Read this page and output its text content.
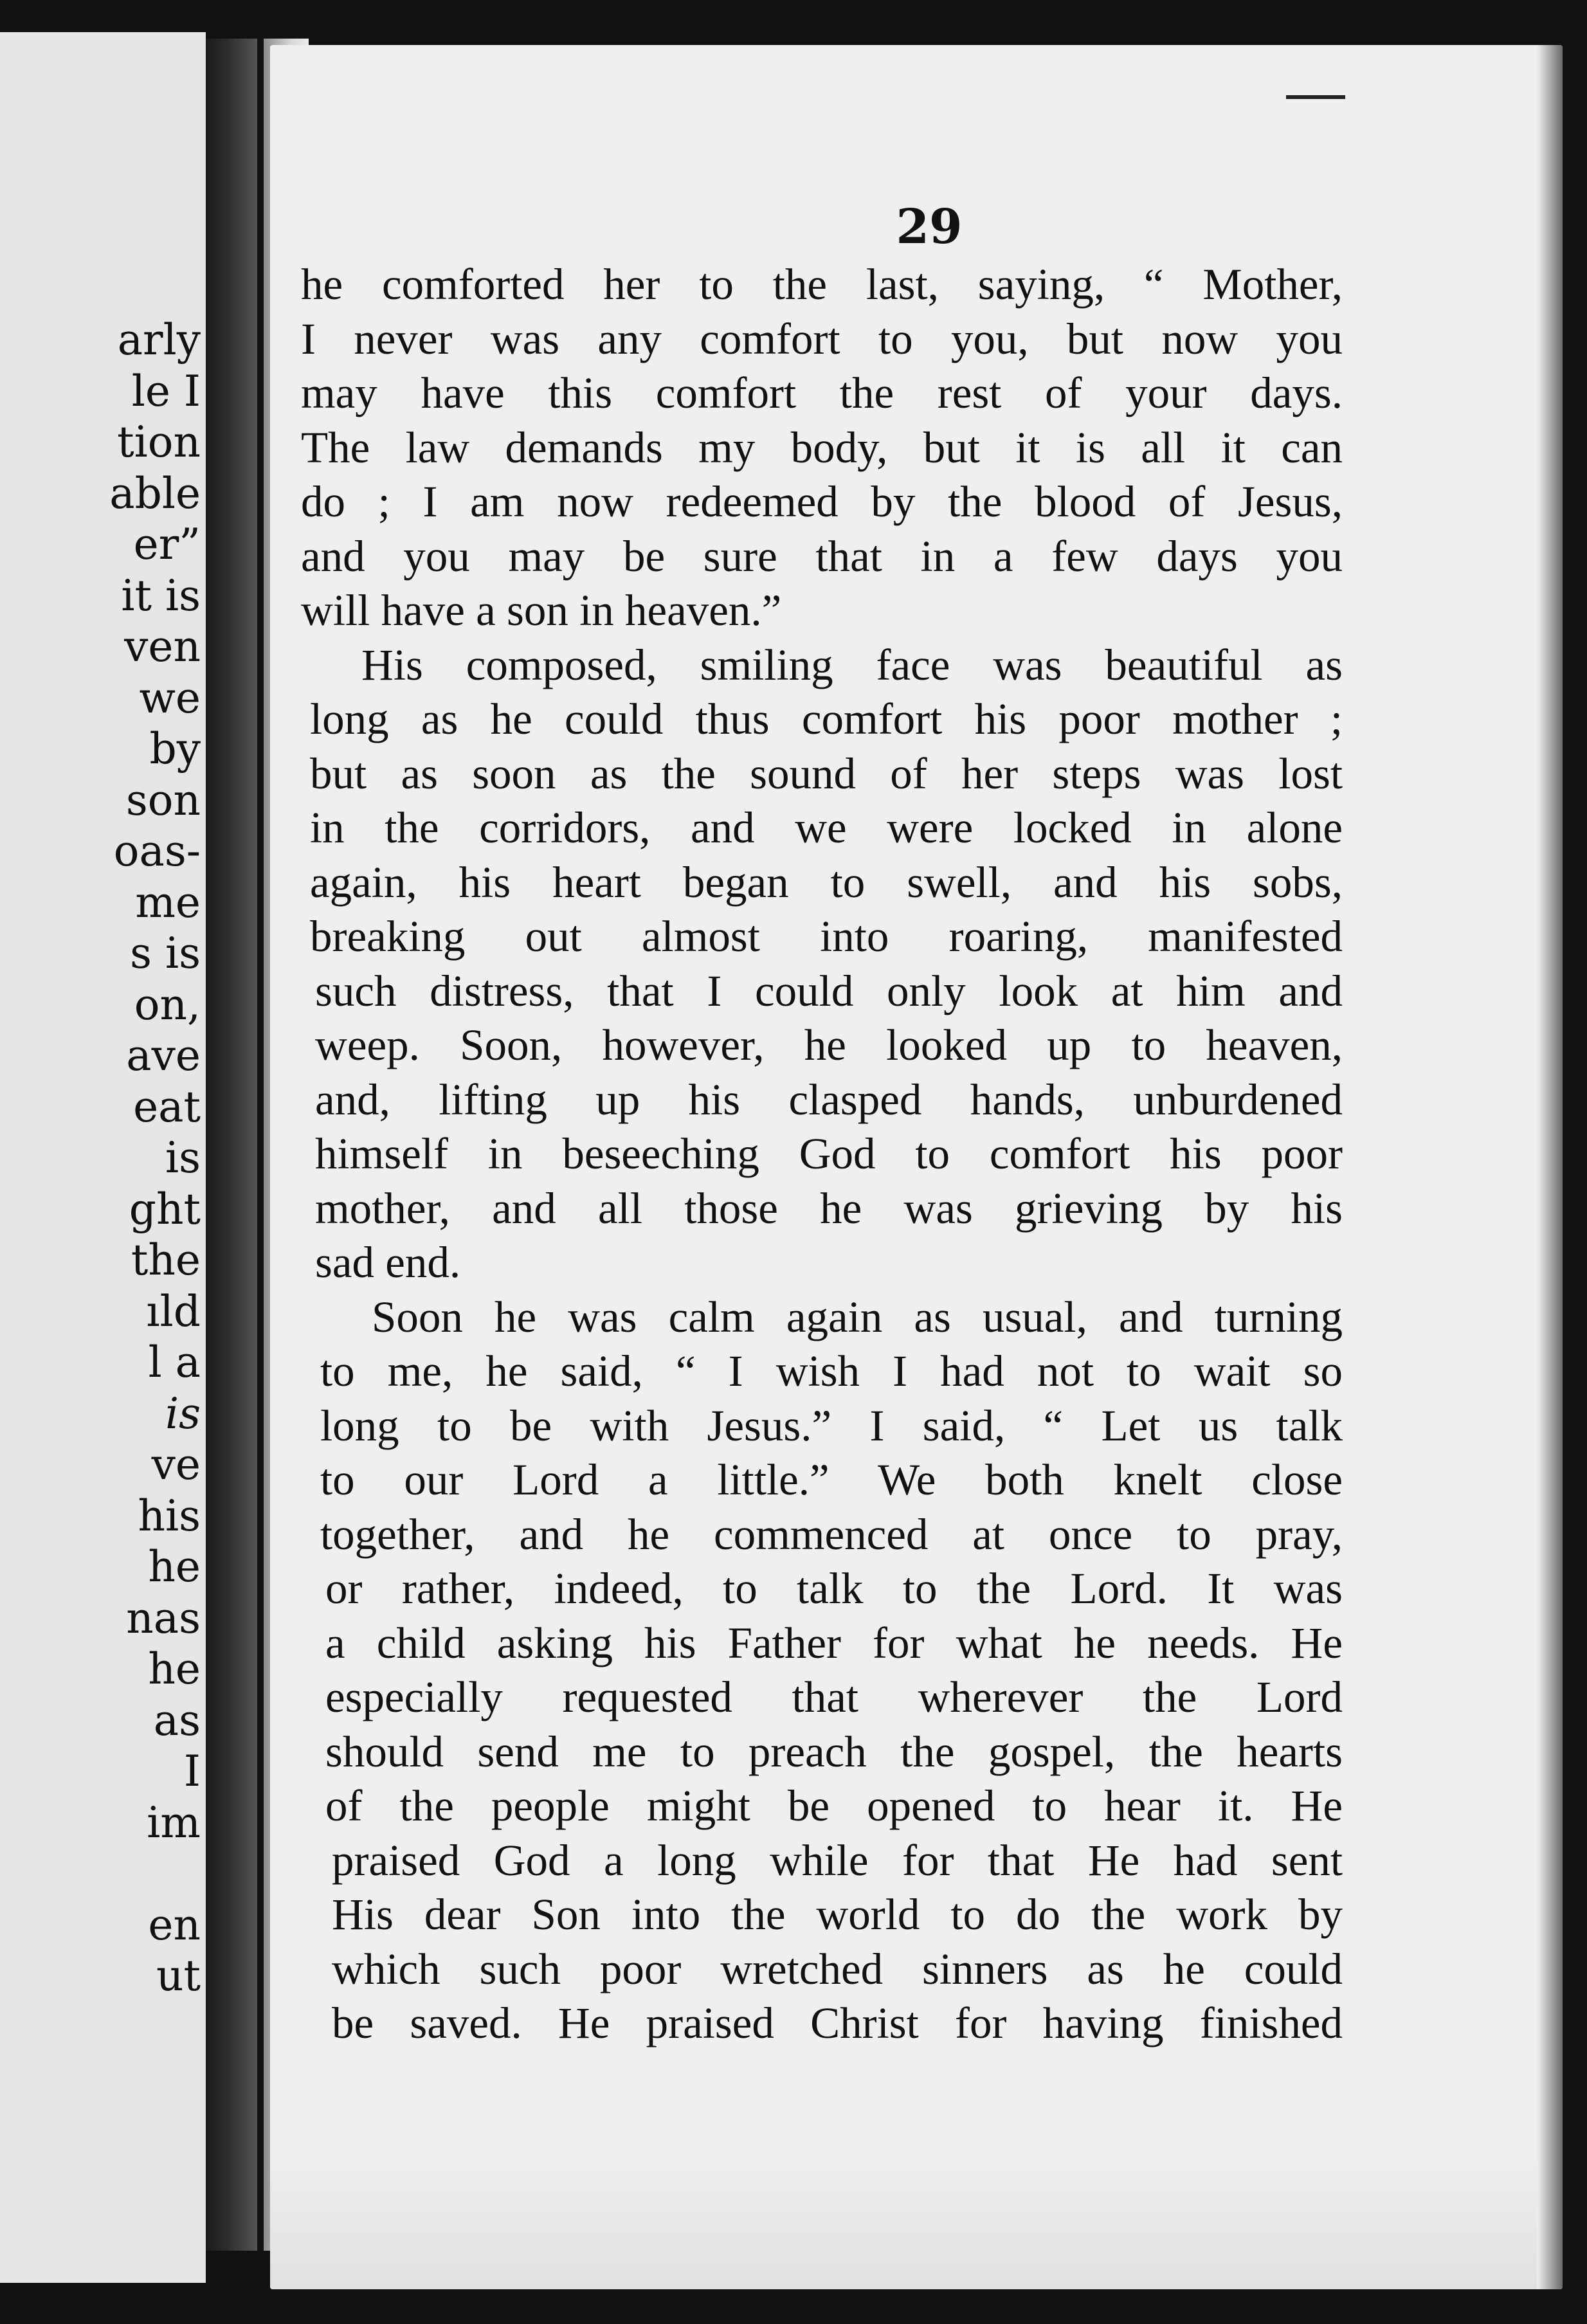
arly
le I
tion
able
er”
it is
ven
we
by
son
oas-
me
s is
on,
ave
eat
is
ght
the
ıld
l a
is
ve
his
he
nas
he
as
I
im
en
ut
29
he comforted her to the last, saying, “ Mother,
I never was any comfort to you, but now you
may have this comfort the rest of your days.
The law demands my body, but it is all it can
do ; I am now redeemed by the blood of Jesus,
and you may be sure that in a few days you
will have a son in heaven.”
His composed, smiling face was beautiful as
long as he could thus comfort his poor mother ;
but as soon as the sound of her steps was lost
in the corridors, and we were locked in alone
again, his heart began to swell, and his sobs,
breaking out almost into roaring, manifested
such distress, that I could only look at him and
weep. Soon, however, he looked up to heaven,
and, lifting up his clasped hands, unburdened
himself in beseeching God to comfort his poor
mother, and all those he was grieving by his
sad end.
Soon he was calm again as usual, and turning
to me, he said, “ I wish I had not to wait so
long to be with Jesus.” I said, “ Let us talk
to our Lord a little.” We both knelt close
together, and he commenced at once to pray,
or rather, indeed, to talk to the Lord. It was
a child asking his Father for what he needs. He
especially requested that wherever the Lord
should send me to preach the gospel, the hearts
of the people might be opened to hear it. He
praised God a long while for that He had sent
His dear Son into the world to do the work by
which such poor wretched sinners as he could
be saved. He praised Christ for having finished
